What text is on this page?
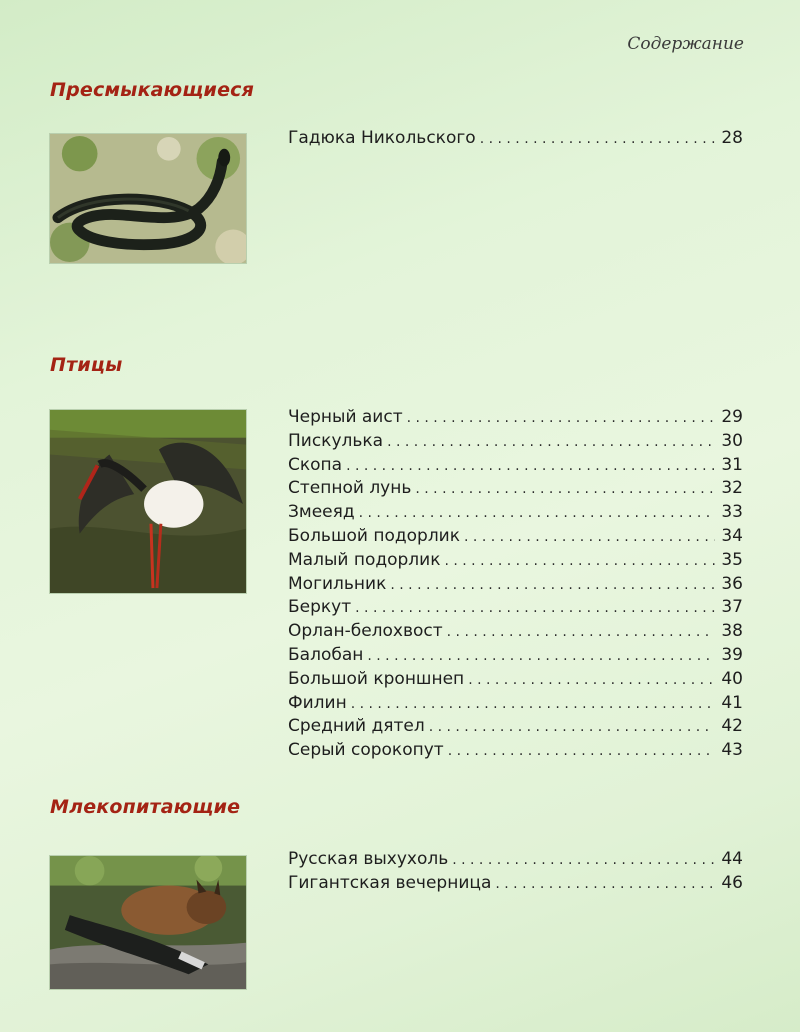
Содержание
Пресмыкающиеся
Гадюка Никольского . . .	28
Птицы
Черный аист . . .	29
Пискулька . . .	30
Скопа . . .	31
Степной лунь . . .	32
Змееяд . . .	33
Большой подорлик . . .	34
Малый подорлик . . .	35
Могильник . . .	36
Беркут . . .	37
Орлан-белохвост . . .	38
Балобан . . .	39
Большой кроншнеп . . .	40
Филин . . .	41
Средний дятел . . .	42
Серый сорокопут . . .	43
Млекопитающие
Русская выхухоль . . .	44
Гигантская вечерница . . .	46
